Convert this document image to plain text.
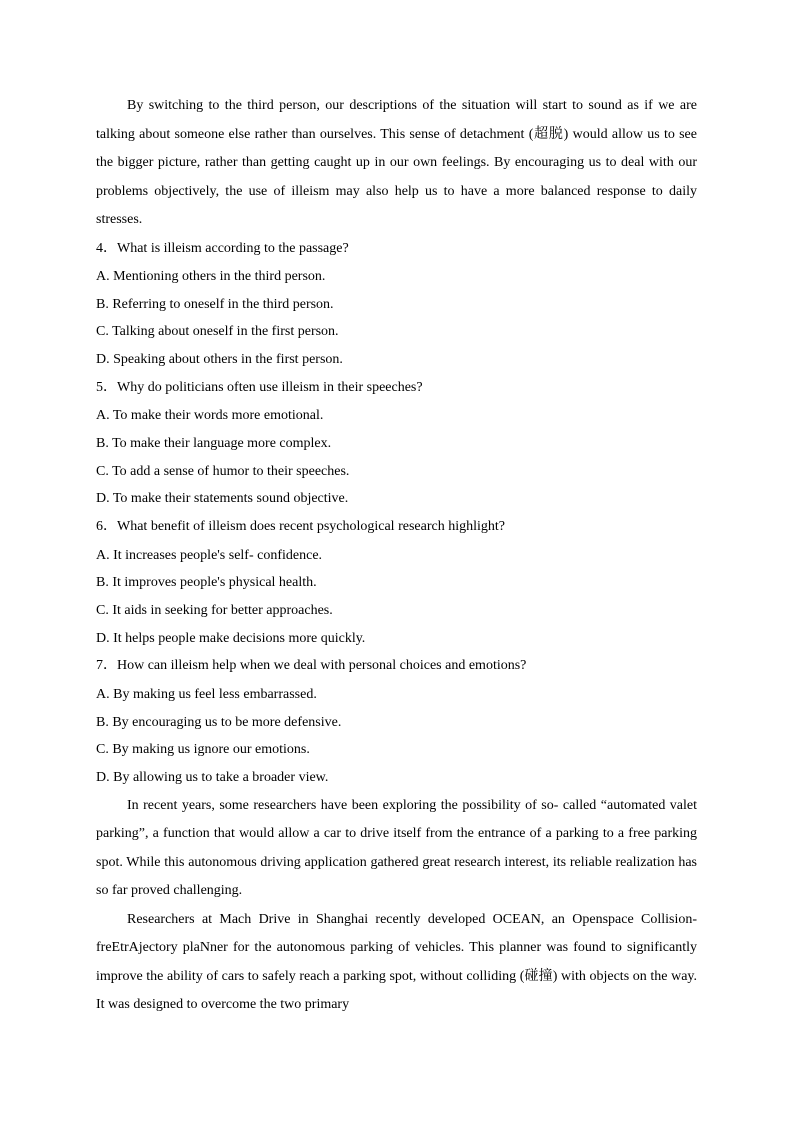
By switching to the third person, our descriptions of the situation will start to sound as if we are talking about someone else rather than ourselves. This sense of detachment (超脱) would allow us to see the bigger picture, rather than getting caught up in our own feelings. By encouraging us to deal with our problems objectively, the use of illeism may also help us to have a more balanced response to daily stresses.

4．What is illeism according to the passage?

A. Mentioning others in the third person.

B. Referring to oneself in the third person.

C. Talking about oneself in the first person.

D. Speaking about others in the first person.

5．Why do politicians often use illeism in their speeches?

A. To make their words more emotional.

B. To make their language more complex.

C. To add a sense of humor to their speeches.

D. To make their statements sound objective.

6．What benefit of illeism does recent psychological research highlight?

A. It increases people's self- confidence.

B. It improves people's physical health.

C. It aids in seeking for better approaches.

D. It helps people make decisions more quickly.

7．How can illeism help when we deal with personal choices and emotions?

A. By making us feel less embarrassed.

B. By encouraging us to be more defensive.

C. By making us ignore our emotions.

D. By allowing us to take a broader view.

In recent years, some researchers have been exploring the possibility of so- called “automated valet parking”, a function that would allow a car to drive itself from the entrance of a parking to a free parking spot. While this autonomous driving application gathered great research interest, its reliable realization has so far proved challenging.

Researchers at Mach Drive in Shanghai recently developed OCEAN, an Openspace Collision-freEtrAjectory plaNner for the autonomous parking of vehicles. This planner was found to significantly improve the ability of cars to safely reach a parking spot, without colliding (碰撞) with objects on the way. It was designed to overcome the two primary
